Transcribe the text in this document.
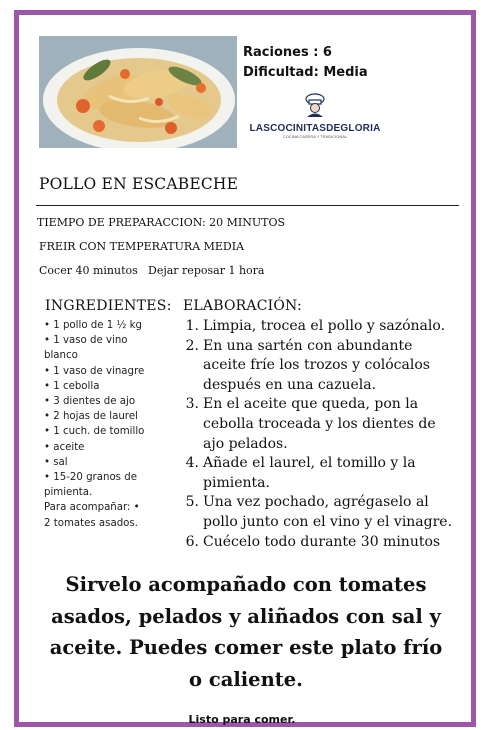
Raciones : 6
Dificultad: Media
LASCOCINITASDEGLORIA
COCINA CASERA Y TRADICIONAL
POLLO EN ESCABECHE
TIEMPO DE PREPARACCION: 20 MINUTOS
FREIR CON TEMPERATURA MEDIA
Cocer 40 minutos Dejar reposar 1 hora
INGREDIENTES:
• 1 pollo de 1 ½ kg
• 1 vaso de vino blanco
• 1 vaso de vinagre
• 1 cebolla
• 3 dientes de ajo
• 2 hojas de laurel
• 1 cuch. de tomillo
• aceite
• sal
• 15-20 granos de pimienta.
Para acompañar: •
2 tomates asados.
ELABORACIÓN:
1. Limpia, trocea el pollo y sazónalo.
2. En una sartén con abundante aceite fríe los trozos y colócalos después en una cazuela.
3. En el aceite que queda, pon la cebolla troceada y los dientes de ajo pelados.
4. Añade el laurel, el tomillo y la pimienta.
5. Una vez pochado, agrégaselo al pollo junto con el vino y el vinagre.
6. Cuécelo todo durante 30 minutos
Sirvelo acompañado con tomates asados, pelados y aliñados con sal y aceite. Puedes comer este plato frío o caliente.
Listo para comer.
